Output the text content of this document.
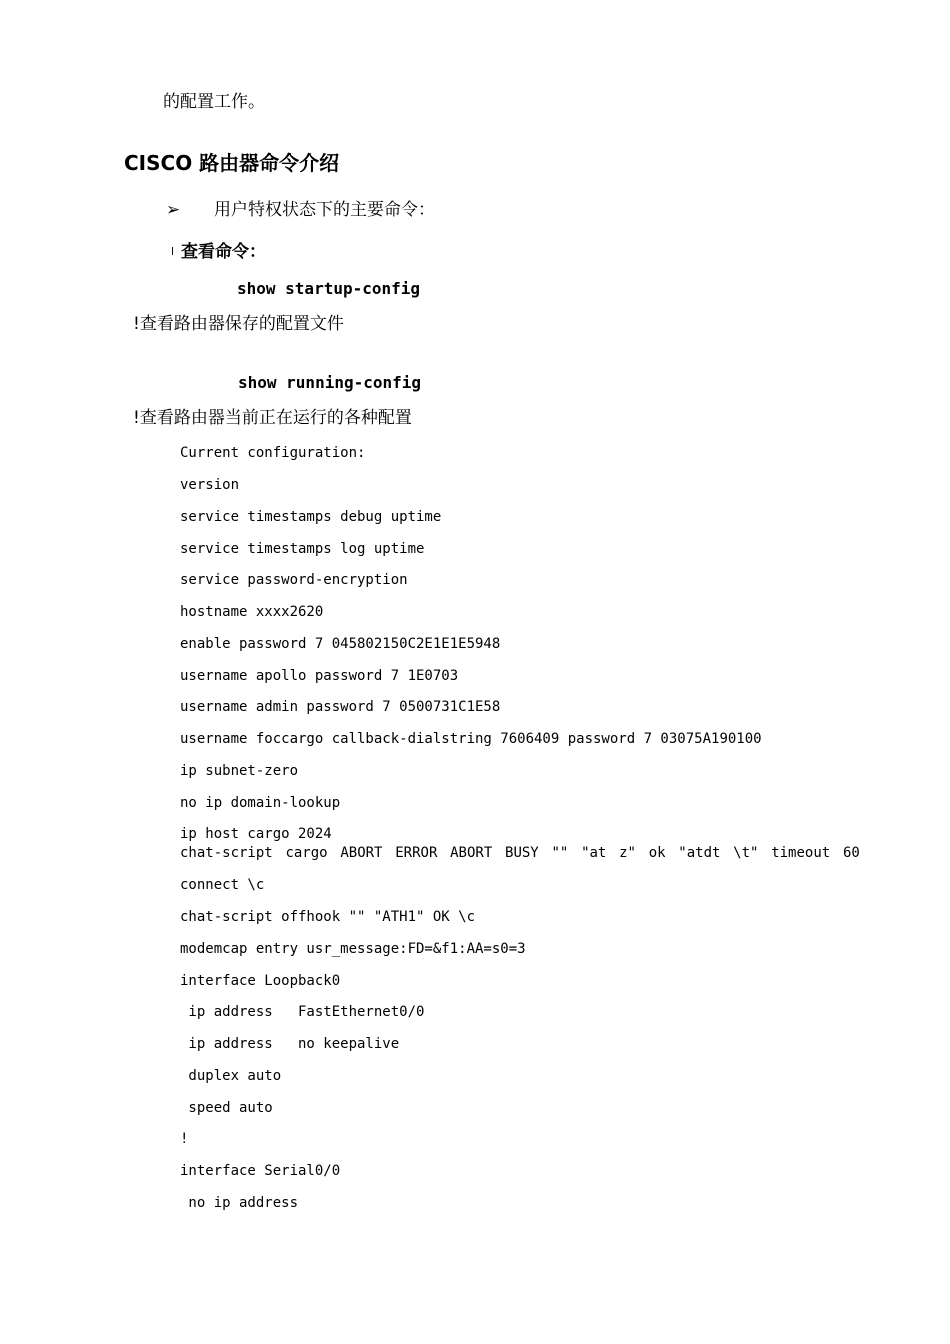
的配置工作。
CISCO 路由器命令介绍
➢ 用户特权状态下的主要命令：
l 查看命令：
show startup-config
!查看路由器保存的配置文件
show running-config
!查看路由器当前正在运行的各种配置
Current configuration:
version
service timestamps debug uptime
service timestamps log uptime
service password-encryption
hostname xxxx2620
enable password 7 045802150C2E1E1E5948
username apollo password 7 1E0703
username admin password 7 0500731C1E58
username foccargo callback-dialstring 7606409 password 7 03075A190100
ip subnet-zero
no ip domain-lookup
ip host cargo 2024
chat-script cargo ABORT ERROR ABORT BUSY "" "at z" ok "atdt \t" timeout 60
connect \c
chat-script offhook "" "ATH1" OK \c
modemcap entry usr_message:FD=&f1:AA=s0=3
interface Loopback0
ip address   FastEthernet0/0
ip address   no keepalive
duplex auto
speed auto
!
interface Serial0/0
no ip address
